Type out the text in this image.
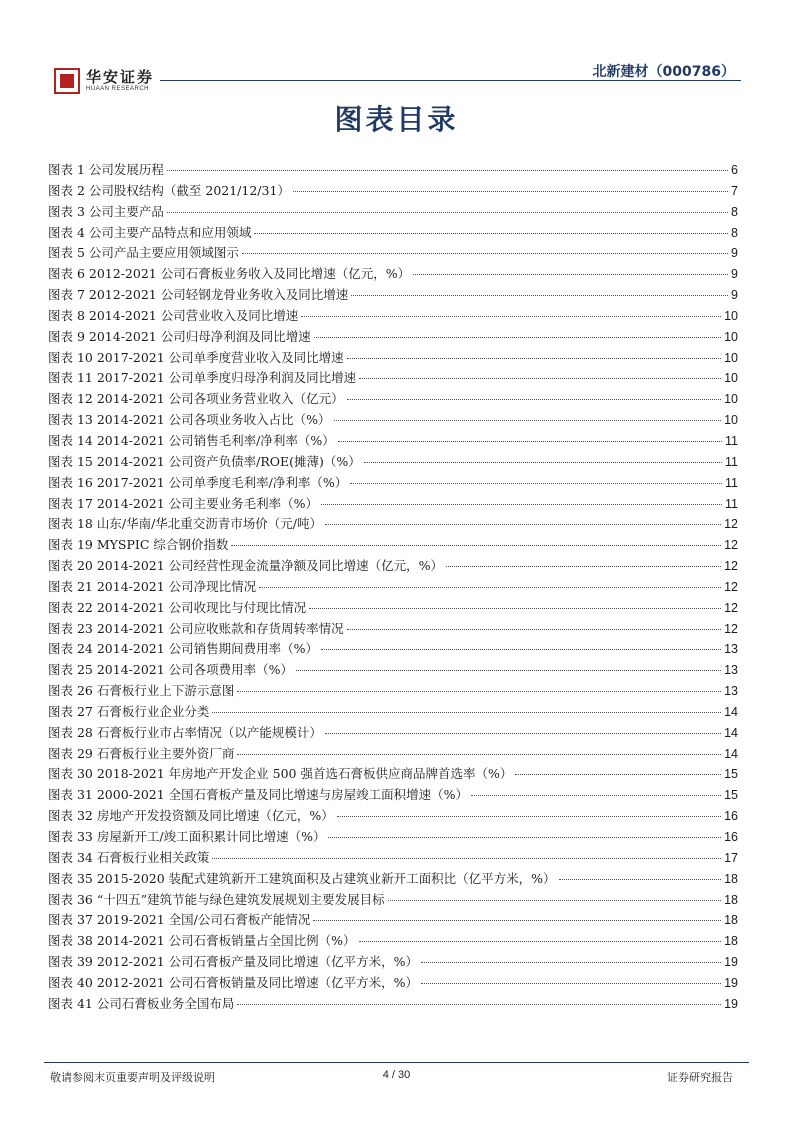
华安证券
HUAAN RESEARCH
北新建材（000786）
图表目录
图表 1 公司发展历程	6
图表 2 公司股权结构（截至 2021/12/31）	7
图表 3 公司主要产品	8
图表 4 公司主要产品特点和应用领域	8
图表 5 公司产品主要应用领域图示	9
图表 6 2012-2021 公司石膏板业务收入及同比增速（亿元，%）	9
图表 7 2012-2021 公司轻钢龙骨业务收入及同比增速	9
图表 8 2014-2021 公司营业收入及同比增速	10
图表 9 2014-2021 公司归母净利润及同比增速	10
图表 10 2017-2021 公司单季度营业收入及同比增速	10
图表 11 2017-2021 公司单季度归母净利润及同比增速	10
图表 12 2014-2021 公司各项业务营业收入（亿元）	10
图表 13 2014-2021 公司各项业务收入占比（%）	10
图表 14 2014-2021 公司销售毛利率/净利率（%）	11
图表 15 2014-2021 公司资产负债率/ROE(摊薄)（%）	11
图表 16 2017-2021 公司单季度毛利率/净利率（%）	11
图表 17 2014-2021 公司主要业务毛利率（%）	11
图表 18 山东/华南/华北重交沥青市场价（元/吨）	12
图表 19 MYSPIC 综合钢价指数	12
图表 20 2014-2021 公司经营性现金流量净额及同比增速（亿元，%）	12
图表 21 2014-2021 公司净现比情况	12
图表 22 2014-2021 公司收现比与付现比情况	12
图表 23 2014-2021 公司应收账款和存货周转率情况	12
图表 24 2014-2021 公司销售期间费用率（%）	13
图表 25 2014-2021 公司各项费用率（%）	13
图表 26 石膏板行业上下游示意图	13
图表 27 石膏板行业企业分类	14
图表 28 石膏板行业市占率情况（以产能规模计）	14
图表 29 石膏板行业主要外资厂商	14
图表 30 2018-2021 年房地产开发企业 500 强首选石膏板供应商品牌首选率（%）	15
图表 31 2000-2021 全国石膏板产量及同比增速与房屋竣工面积增速（%）	15
图表 32 房地产开发投资额及同比增速（亿元，%）	16
图表 33 房屋新开工/竣工面积累计同比增速（%）	16
图表 34 石膏板行业相关政策	17
图表 35 2015-2020 装配式建筑新开工建筑面积及占建筑业新开工面积比（亿平方米，%）	18
图表 36 “十四五”建筑节能与绿色建筑发展规划主要发展目标	18
图表 37 2019-2021 全国/公司石膏板产能情况	18
图表 38 2014-2021 公司石膏板销量占全国比例（%）	18
图表 39 2012-2021 公司石膏板产量及同比增速（亿平方米，%）	19
图表 40 2012-2021 公司石膏板销量及同比增速（亿平方米，%）	19
图表 41 公司石膏板业务全国布局	19
敬请参阅末页重要声明及评级说明	4 / 30	证券研究报告
